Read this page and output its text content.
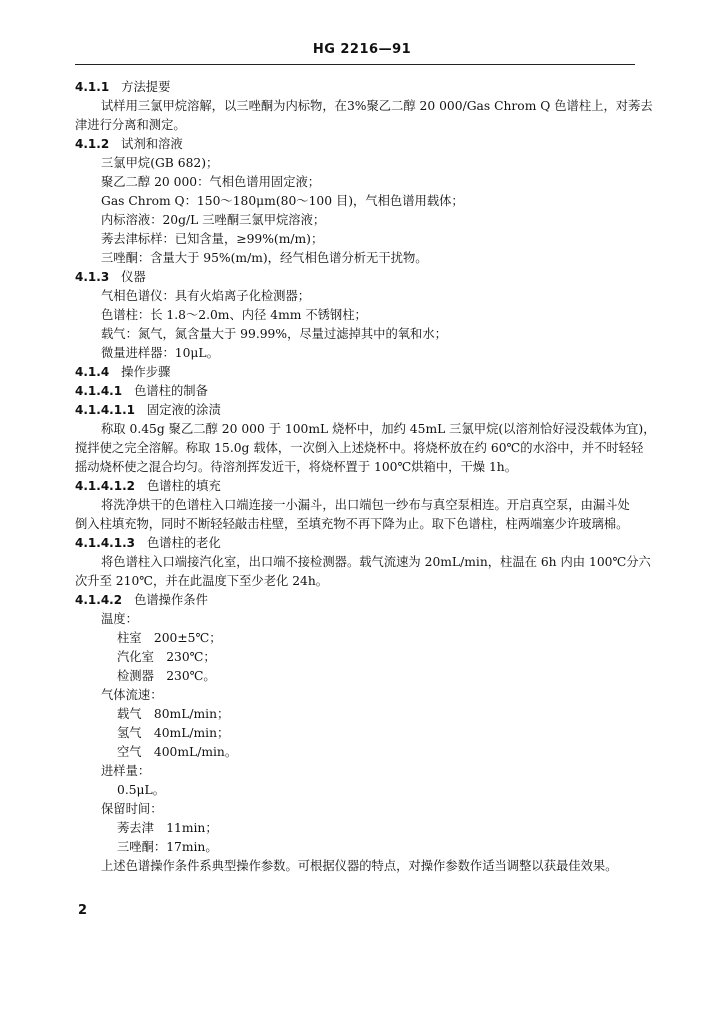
HG 2216—91
4.1.1 方法提要
试样用三氯甲烷溶解，以三唑酮为内标物，在3%聚乙二醇 20 000/Gas Chrom Q 色谱柱上，对莠去
津进行分离和测定。
4.1.2 试剂和溶液
三氯甲烷(GB 682)；
聚乙二醇 20 000：气相色谱用固定液；
Gas Chrom Q：150～180μm(80～100 目)，气相色谱用载体；
内标溶液：20g/L 三唑酮三氯甲烷溶液；
莠去津标样：已知含量，≥99%(m/m)；
三唑酮：含量大于 95%(m/m)，经气相色谱分析无干扰物。
4.1.3 仪器
气相色谱仪：具有火焰离子化检测器；
色谱柱：长 1.8～2.0m、内径 4mm 不锈钢柱；
载气：氮气，氮含量大于 99.99%，尽量过滤掉其中的氧和水；
微量进样器：10μL。
4.1.4 操作步骤
4.1.4.1 色谱柱的制备
4.1.4.1.1 固定液的涂渍
称取 0.45g 聚乙二醇 20 000 于 100mL 烧杯中，加约 45mL 三氯甲烷(以溶剂恰好浸没载体为宜)，
搅拌使之完全溶解。称取 15.0g 载体，一次倒入上述烧杯中。将烧杯放在约 60℃的水浴中，并不时轻轻
摇动烧杯使之混合均匀。待溶剂挥发近干，将烧杯置于 100℃烘箱中，干燥 1h。
4.1.4.1.2 色谱柱的填充
将洗净烘干的色谱柱入口端连接一小漏斗，出口端包一纱布与真空泵相连。开启真空泵，由漏斗处
倒入柱填充物，同时不断轻轻敲击柱壁，至填充物不再下降为止。取下色谱柱，柱两端塞少许玻璃棉。
4.1.4.1.3 色谱柱的老化
将色谱柱入口端接汽化室，出口端不接检测器。载气流速为 20mL/min，柱温在 6h 内由 100℃分六
次升至 210℃，并在此温度下至少老化 24h。
4.1.4.2 色谱操作条件
温度：
柱室　200±5℃；
汽化室　230℃；
检测器　230℃。
气体流速：
载气　80mL/min；
氢气　40mL/min；
空气　400mL/min。
进样量：
0.5μL。
保留时间：
莠去津　11min；
三唑酮：17min。
上述色谱操作条件系典型操作参数。可根据仪器的特点，对操作参数作适当调整以获最佳效果。
2
